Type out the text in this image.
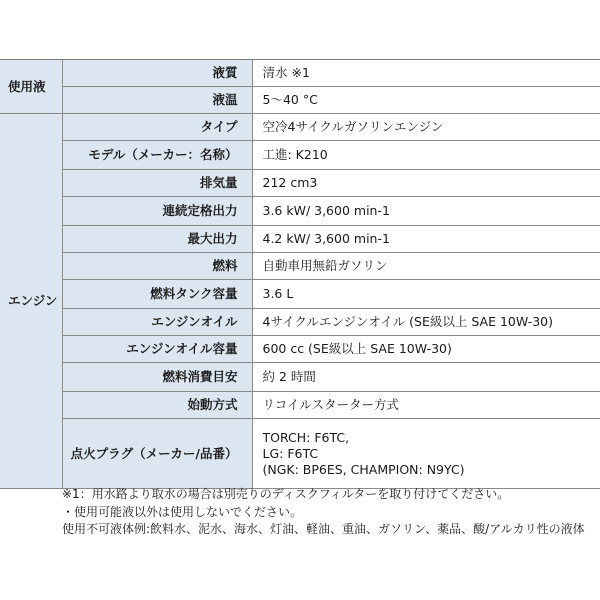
使用液	液質	清水 ※1

	液温	5～40 °C

エンジン	タイプ	空冷4サイクルガソリンエンジン

	モデル（メーカー：名称）	工進: K210

	排気量	212 cm3

	連続定格出力	3.6 kW/ 3,600 min-1

	最大出力	4.2 kW/ 3,600 min-1

	燃料	自動車用無鉛ガソリン

	燃料タンク容量	3.6 L

	エンジンオイル	4サイクルエンジンオイル (SE級以上 SAE 10W-30)

	エンジンオイル容量	600 cc (SE級以上 SAE 10W-30)

	燃料消費目安	約 2 時間

	始動方式	リコイルスターター方式

	点火プラグ（メーカー/品番）	TORCH: F6TC,
LG: F6TC
(NGK: BP6ES, CHAMPION: N9YC)
※1：用水路より取水の場合は別売りのディスクフィルターを取り付けてください。
・使用可能液以外は使用しないでください。
使用不可液体例:飲料水、泥水、海水、灯油、軽油、重油、ガソリン、薬品、酸/アルカリ性の液体
